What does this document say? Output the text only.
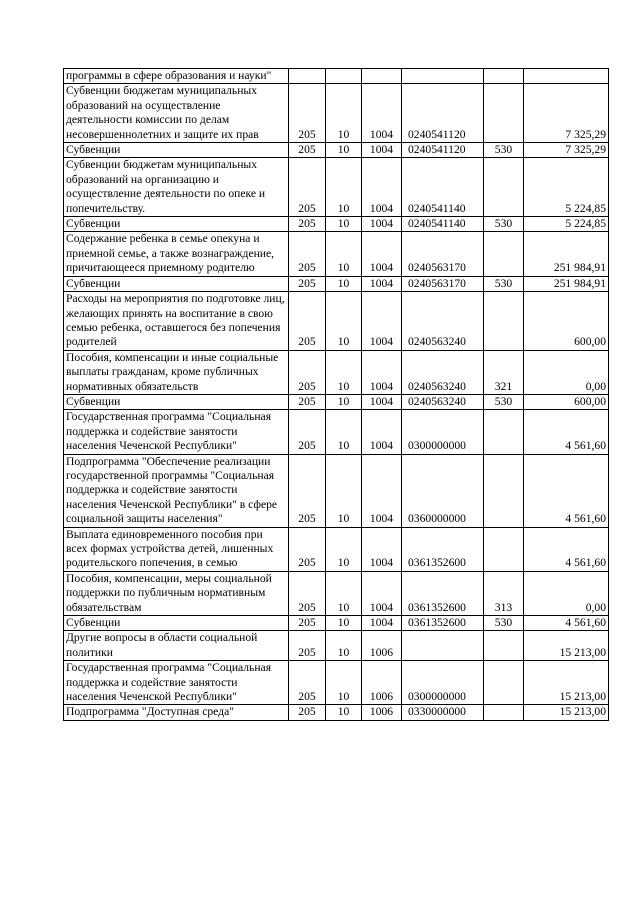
программы в сфере образования и науки"						
Субвенции бюджетам муниципальных образований на осуществление деятельности комиссии по делам несовершеннолетних и защите их прав	205	10	1004	0240541120		7 325,29
Субвенции	205	10	1004	0240541120	530	7 325,29
Субвенции бюджетам муниципальных образований на организацию и осуществление деятельности по опеке и попечительству.	205	10	1004	0240541140		5 224,85
Субвенции	205	10	1004	0240541140	530	5 224,85
Содержание ребенка в семье опекуна и приемной семье, а также вознаграждение, причитающееся приемному родителю	205	10	1004	0240563170		251 984,91
Субвенции	205	10	1004	0240563170	530	251 984,91
Расходы на мероприятия по подготовке лиц, желающих принять на воспитание в свою семью ребенка, оставшегося без попечения родителей	205	10	1004	0240563240		600,00
Пособия, компенсации и иные социальные выплаты гражданам, кроме публичных нормативных обязательств	205	10	1004	0240563240	321	0,00
Субвенции	205	10	1004	0240563240	530	600,00
Государственная программа "Социальная поддержка и содействие занятости населения Чеченской Республики"	205	10	1004	0300000000		4 561,60
Подпрограмма "Обеспечение реализации государственной программы "Социальная поддержка и содействие занятости населения Чеченской Республики" в сфере социальной защиты населения"	205	10	1004	0360000000		4 561,60
Выплата единовременного пособия при всех формах устройства детей, лишенных родительского попечения, в семью	205	10	1004	0361352600		4 561,60
Пособия, компенсации, меры социальной поддержки по публичным нормативным обязательствам	205	10	1004	0361352600	313	0,00
Субвенции	205	10	1004	0361352600	530	4 561,60
Другие вопросы в области социальной политики	205	10	1006			15 213,00
Государственная программа "Социальная поддержка и содействие занятости населения Чеченской Республики"	205	10	1006	0300000000		15 213,00
Подпрограмма "Доступная среда"	205	10	1006	0330000000		15 213,00
